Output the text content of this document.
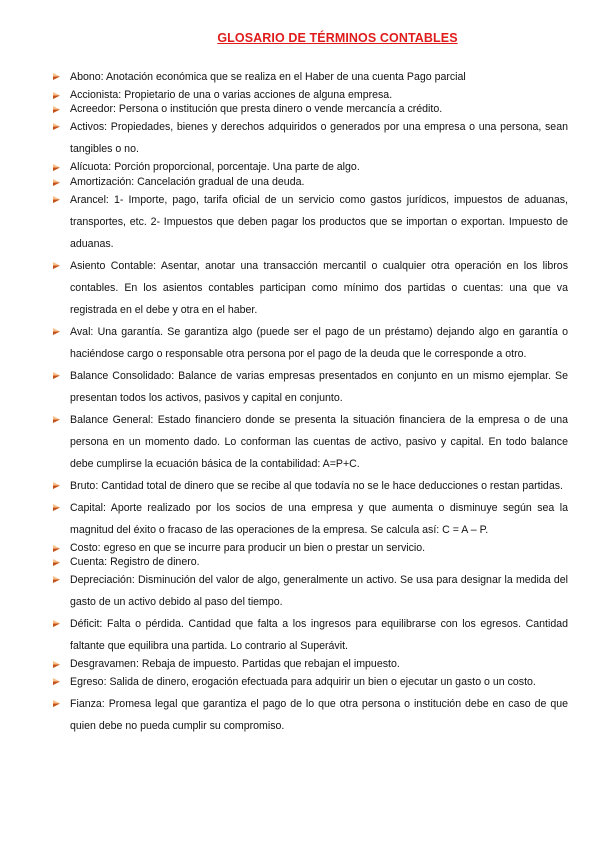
GLOSARIO DE TÉRMINOS CONTABLES
Abono: Anotación económica que se realiza en el Haber de una cuenta Pago parcial
Accionista: Propietario de una o varias acciones de alguna empresa.
Acreedor: Persona o institución que presta dinero o vende mercancía a crédito.
Activos: Propiedades, bienes y derechos adquiridos o generados por una empresa o una persona, sean tangibles o no.
Alícuota: Porción proporcional, porcentaje. Una parte de algo.
Amortización: Cancelación gradual de una deuda.
Arancel: 1- Importe, pago, tarifa oficial de un servicio como gastos jurídicos, impuestos de aduanas, transportes, etc. 2- Impuestos que deben pagar los productos que se importan o exportan. Impuesto de aduanas.
Asiento Contable: Asentar, anotar una transacción mercantil o cualquier otra operación en los libros contables. En los asientos contables participan como mínimo dos partidas o cuentas: una que va registrada en el debe y otra en el haber.
Aval: Una garantía. Se garantiza algo (puede ser el pago de un préstamo) dejando algo en garantía o haciéndose cargo o responsable otra persona por el pago de la deuda que le corresponde a otro.
Balance Consolidado: Balance de varias empresas presentados en conjunto en un mismo ejemplar. Se presentan todos los activos, pasivos y capital en conjunto.
Balance General: Estado financiero donde se presenta la situación financiera de la empresa o de una persona en un momento dado. Lo conforman las cuentas de activo, pasivo y capital. En todo balance debe cumplirse la ecuación básica de la contabilidad: A=P+C.
Bruto: Cantidad total de dinero que se recibe al que todavía no se le hace deducciones o restan partidas.
Capital: Aporte realizado por los socios de una empresa y que aumenta o disminuye según sea la magnitud del éxito o fracaso de las operaciones de la empresa. Se calcula así: C = A – P.
Costo: egreso en que se incurre para producir un bien o prestar un servicio.
Cuenta: Registro de dinero.
Depreciación: Disminución del valor de algo, generalmente un activo. Se usa para designar la medida del gasto de un activo debido al paso del tiempo.
Déficit: Falta o pérdida. Cantidad que falta a los ingresos para equilibrarse con los egresos. Cantidad faltante que equilibra una partida. Lo contrario al Superávit.
Desgravamen: Rebaja de impuesto. Partidas que rebajan el impuesto.
Egreso: Salida de dinero, erogación efectuada para adquirir un bien o ejecutar un gasto o un costo.
Fianza: Promesa legal que garantiza el pago de lo que otra persona o institución debe en caso de que quien debe no pueda cumplir su compromiso.
